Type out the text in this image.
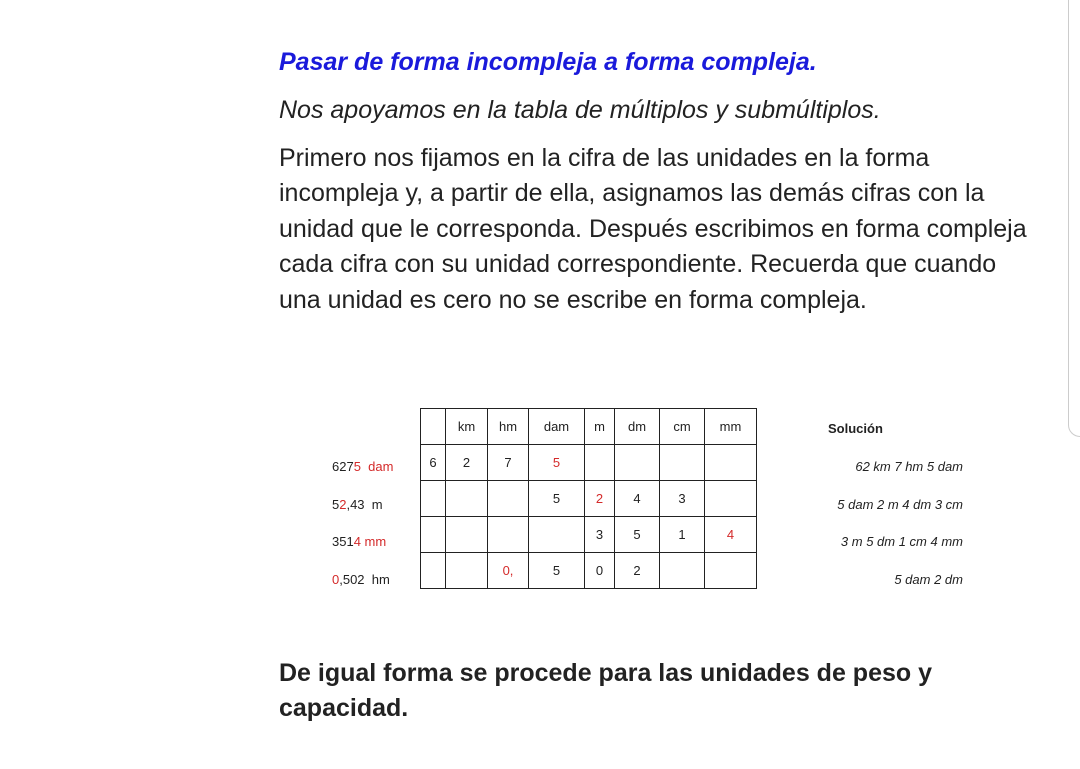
Pasar de forma incompleja a forma compleja.
Nos apoyamos en la tabla de múltiplos y submúltiplos.
Primero nos fijamos en la cifra de las unidades en la forma incompleja y, a partir de ella, asignamos las demás cifras con la unidad que le corresponda. Después escribimos en forma compleja cada cifra con su unidad correspondiente. Recuerda que cuando una unidad es cero no se escribe en forma compleja.
	km	hm	dam	m	dm	cm	mm
6	2	7	5				
			5	2	4	3	
				3	5	1	4
		0,	5	0	2		
6275  dam
52,43  m
3514 mm
0,502  hm
Solución
62 km 7 hm 5 dam
5 dam 2 m 4 dm 3 cm
3 m 5 dm 1 cm 4 mm
5 dam 2 dm
De igual forma se procede para las unidades de peso y capacidad.
